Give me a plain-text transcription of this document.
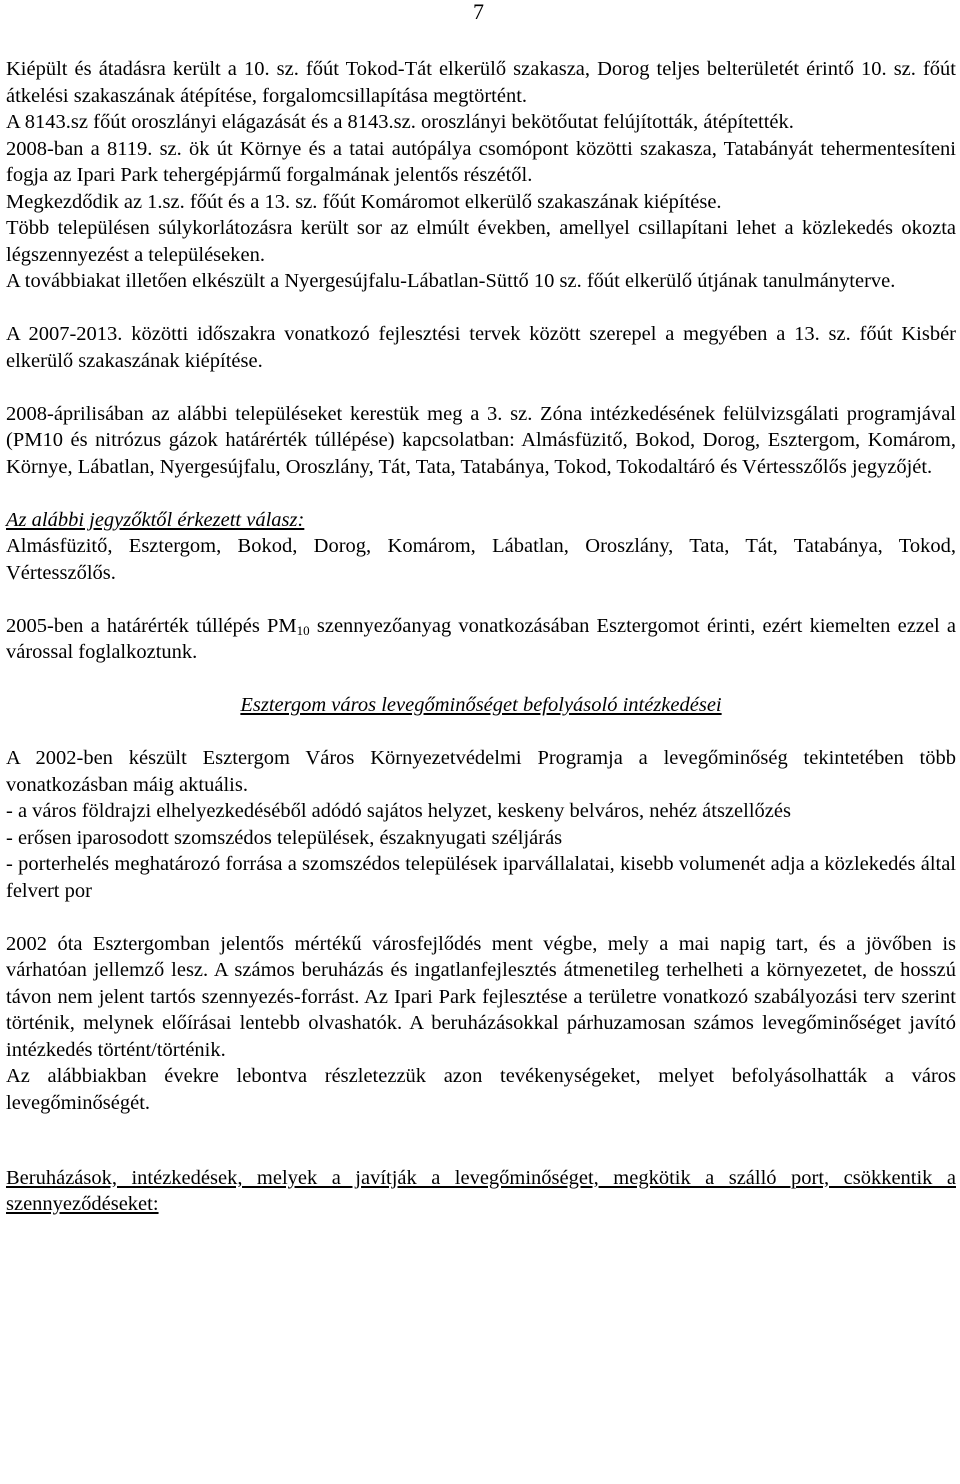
7

Kiépült és átadásra került a 10. sz. főút Tokod-Tát elkerülő szakasza, Dorog teljes belterületét érintő 10. sz. főút átkelési szakaszának átépítése, forgalomcsillapítása megtörtént.

A 8143.sz főút oroszlányi elágazását és a 8143.sz. oroszlányi bekötőutat felújították, átépítették.

2008-ban a 8119. sz. ök út Környe és a tatai autópálya csomópont közötti szakasza, Tatabányát tehermentesíteni fogja az Ipari Park tehergépjármű forgalmának jelentős részétől.

Megkezdődik az 1.sz. főút és a 13. sz. főút Komáromot elkerülő szakaszának kiépítése.

Több településen súlykorlátozásra került sor az elmúlt években, amellyel csillapítani lehet a közlekedés okozta légszennyezést a településeken.

A továbbiakat illetően elkészült a Nyergesújfalu-Lábatlan-Süttő 10 sz. főút elkerülő útjának tanulmányterve.

A 2007-2013. közötti időszakra vonatkozó fejlesztési tervek között szerepel a megyében a 13. sz. főút Kisbér elkerülő szakaszának kiépítése.

2008-áprilisában az alábbi településeket kerestük meg a 3. sz. Zóna intézkedésének felülvizsgálati programjával (PM10 és nitrózus gázok határérték túllépése) kapcsolatban: Almásfüzitő, Bokod, Dorog, Esztergom, Komárom, Környe, Lábatlan, Nyergesújfalu, Oroszlány, Tát, Tata, Tatabánya, Tokod, Tokodaltáró és Vértesszőlős jegyzőjét.

Az alábbi jegyzőktől érkezett válasz:

Almásfüzitő, Esztergom, Bokod, Dorog, Komárom, Lábatlan, Oroszlány, Tata, Tát, Tatabánya, Tokod, Vértesszőlős.

2005-ben a határérték túllépés $PM_{10}$ szennyezőanyag vonatkozásában Esztergomot érinti, ezért kiemelten ezzel a várossal foglalkoztunk.

Esztergom város levegőminőséget befolyásoló intézkedései

A 2002-ben készült Esztergom Város Környezetvédelmi Programja a levegőminőség tekintetében több vonatkozásban máig aktuális.

- a város földrajzi elhelyezkedéséből adódó sajátos helyzet, keskeny belváros, nehéz átszellőzés

- erősen iparosodott szomszédos települések, északnyugati széljárás

- porterhelés meghatározó forrása a szomszédos települések iparvállalatai, kisebb volumenét adja a közlekedés által felvert por

2002 óta Esztergomban jelentős mértékű városfejlődés ment végbe, mely a mai napig tart, és a jövőben is várhatóan jellemző lesz. A számos beruházás és ingatlanfejlesztés átmenetileg terhelheti a környezetet, de hosszú távon nem jelent tartós szennyezés-forrást. Az Ipari Park fejlesztése a területre vonatkozó szabályozási terv szerint történik, melynek előírásai lentebb olvashatók. A beruházásokkal párhuzamosan számos levegőminőséget javító intézkedés történt/történik.

Az alábbiakban évekre lebontva részletezzük azon tevékenységeket, melyet befolyásolhatták a város levegőminőségét.

Beruházások, intézkedések, melyek a javítják a levegőminőséget, megkötik a szálló port, csökkentik a szennyeződéseket:
